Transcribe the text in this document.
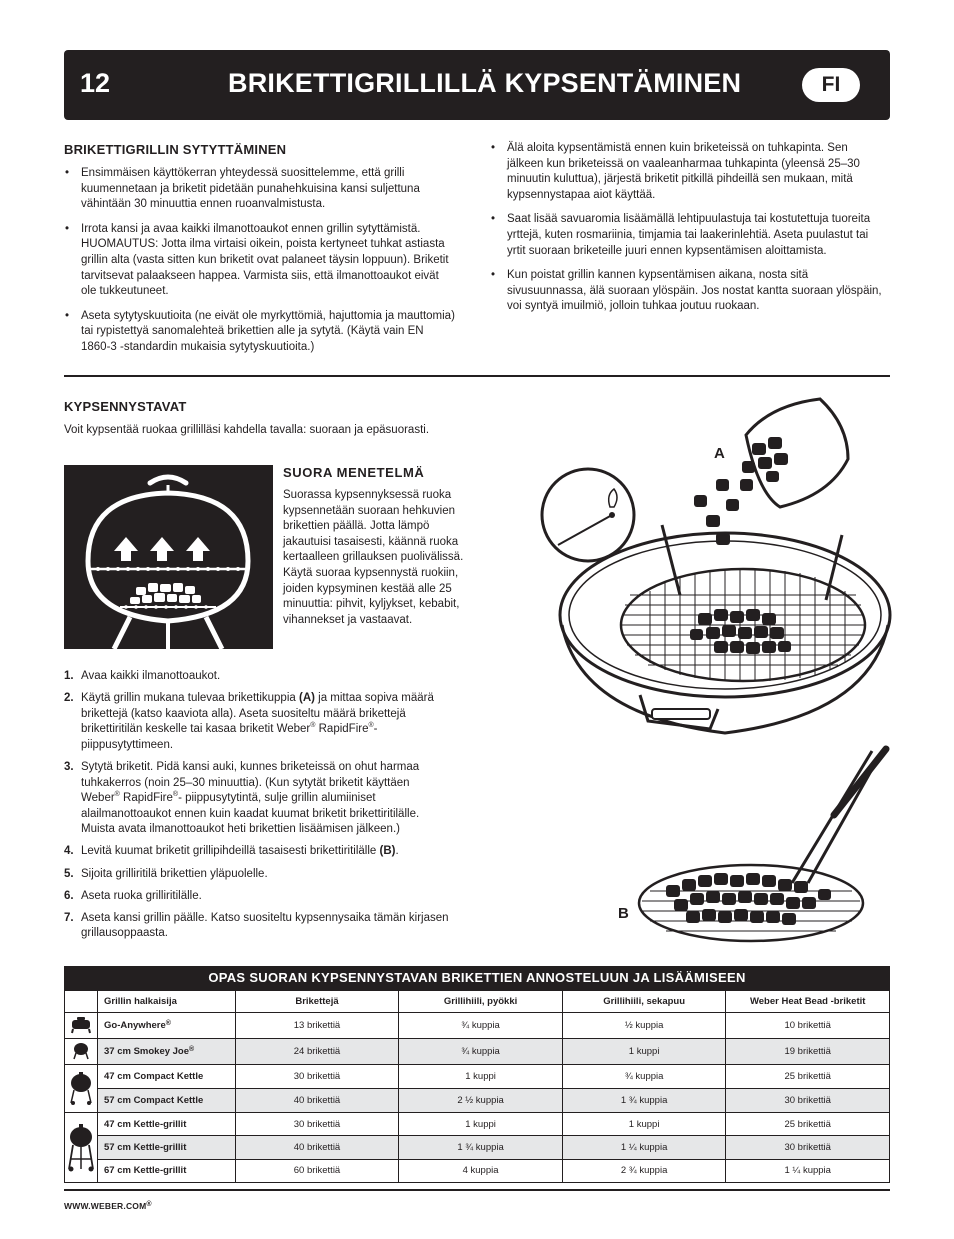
12	BRIKETTIGRILLILLÄ KYPSENTÄMINEN	FI
BRIKETTIGRILLIN SYTYTTÄMINEN
• Ensimmäisen käyttökerran yhteydessä suosittelemme, että grilli kuumennetaan ja briketit pidetään punahehkuisina kansi suljettuna vähintään 30 minuuttia ennen ruoanvalmistusta.
• Irrota kansi ja avaa kaikki ilmanottoaukot ennen grillin sytyttämistä. HUOMAUTUS: Jotta ilma virtaisi oikein, poista kertyneet tuhkat astiasta grillin alta (vasta sitten kun briketit ovat palaneet täysin loppuun). Briketit tarvitsevat palaakseen happea. Varmista siis, että ilmanottoaukot eivät ole tukkeutuneet.
• Aseta sytytyskuutioita (ne eivät ole myrkyttömiä, hajuttomia ja mauttomia) tai rypistettyä sanomalehteä brikettien alle ja sytytä. (Käytä vain EN 1860-3 -standardin mukaisia sytytyskuutioita.)
• Älä aloita kypsentämistä ennen kuin briketeissä on tuhkapinta. Sen jälkeen kun briketeissä on vaaleanharmaa tuhkapinta (yleensä 25–30 minuutin kuluttua), järjestä briketit pitkillä pihdeillä sen mukaan, mitä kypsennystapaa aiot käyttää.
• Saat lisää savuaromia lisäämällä lehtipuulastuja tai kostutettuja tuoreita yrttejä, kuten rosmariinia, timjamia tai laakerinlehtiä. Aseta puulastut tai yrtit suoraan briketeille juuri ennen kypsentämisen aloittamista.
• Kun poistat grillin kannen kypsentämisen aikana, nosta sitä sivusuunnassa, älä suoraan ylöspäin. Jos nostat kantta suoraan ylöspäin, voi syntyä imuilmiö, jolloin tuhkaa joutuu ruokaan.
KYPSENNYSTAVAT
Voit kypsentää ruokaa grillilläsi kahdella tavalla: suoraan ja epäsuorasti.
SUORA MENETELMÄ
Suorassa kypsennyksessä ruoka kypsennetään suoraan hehkuvien brikettien päällä. Jotta lämpö jakautuisi tasaisesti, käännä ruoka kertaalleen grillauksen puolivälissä. Käytä suoraa kypsennystä ruokiin, joiden kypsyminen kestää alle 25 minuuttia: pihvit, kyljykset, kebabit, vihannekset ja vastaavat.
1. Avaa kaikki ilmanottoaukot.
2. Käytä grillin mukana tulevaa brikettikuppia (A) ja mittaa sopiva määrä brikettejä (katso kaaviota alla). Aseta suositeltu määrä brikettejä brikettiritilän keskelle tai kasaa briketit Weber® RapidFire®- piippusytyttimeen.
3. Sytytä briketit. Pidä kansi auki, kunnes briketeissä on ohut harmaa tuhkakerros (noin 25–30 minuuttia). (Kun sytytät briketit käyttäen Weber® RapidFire®- piippusytytintä, sulje grillin alumiiniset alailmanottoaukot ennen kuin kaadat kuumat briketit brikettiritilälle. Muista avata ilmanottoaukot heti brikettien lisäämisen jälkeen.)
4. Levitä kuumat briketit grillipihdeillä tasaisesti brikettiritilälle (B).
5. Sijoita grilliritilä brikettien yläpuolelle.
6. Aseta ruoka grilliritilälle.
7. Aseta kansi grillin päälle. Katso suositeltu kypsennysaika tämän kirjasen grillausoppaasta.
A
B
OPAS SUORAN KYPSENNYSTAVAN BRIKETTIEN ANNOSTELUUN JA LISÄÄMISEEN
	Grillin halkaisija	Brikettejä	Grillihiili, pyökki	Grillihiili, sekapuu	Weber Heat Bead -briketit
	Go-Anywhere®	13 brikettiä	¾ kuppia	½ kuppia	10 brikettiä
	37 cm Smokey Joe®	24 brikettiä	¾ kuppia	1 kuppi	19 brikettiä
	47 cm Compact Kettle	30 brikettiä	1 kuppi	¾ kuppia	25 brikettiä
	57 cm Compact Kettle	40 brikettiä	2 ½ kuppia	1 ¾ kuppia	30 brikettiä
	47 cm Kettle-grillit	30 brikettiä	1 kuppi	1 kuppi	25 brikettiä
	57 cm Kettle-grillit	40 brikettiä	1 ¾ kuppia	1 ¼ kuppia	30 brikettiä
	67 cm Kettle-grillit	60 brikettiä	4 kuppia	2 ¾ kuppia	1 ¼ kuppia
WWW.WEBER.COM®
